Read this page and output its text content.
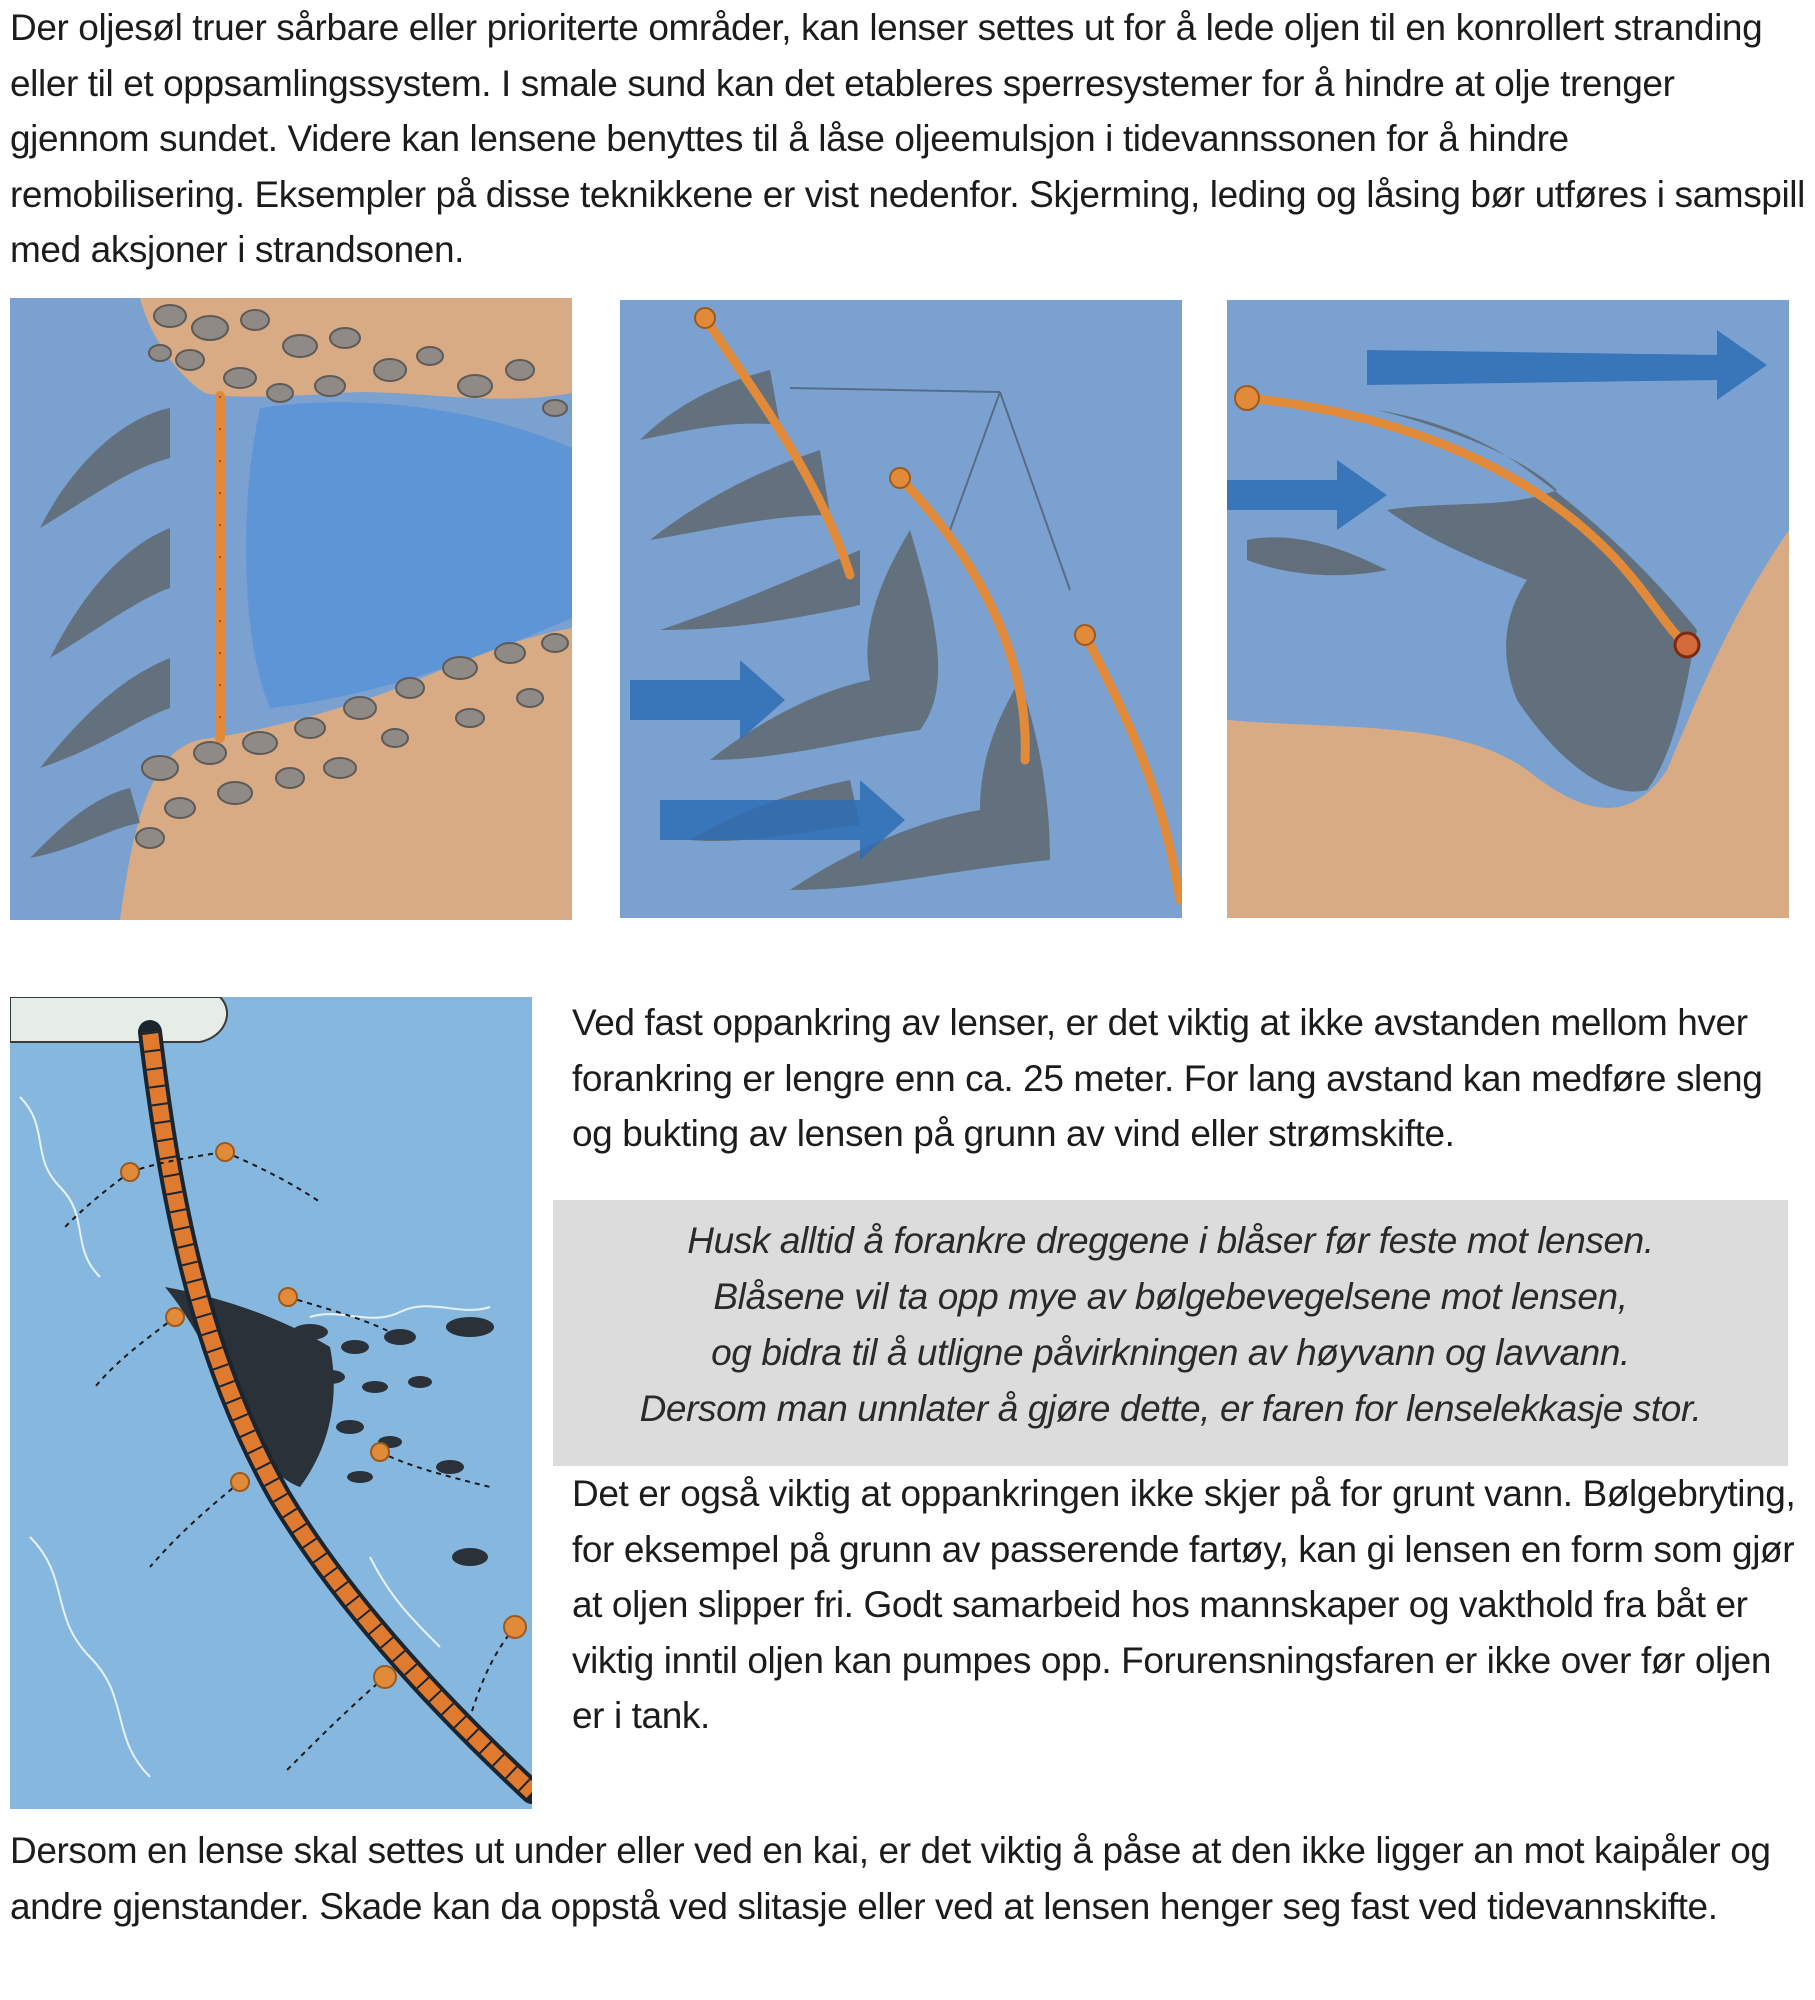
Der oljesøl truer sårbare eller prioriterte områder, kan lenser settes ut for å lede oljen til en konrollert stranding eller til et oppsamlingssystem. I smale sund kan det etableres sperresystemer for å hindre at olje trenger gjennom sundet. Videre kan lensene benyttes til å låse oljeemulsjon i tidevannssonen for å hindre remobilisering. Eksempler på disse teknikkene er vist nedenfor. Skjerming, leding og låsing bør utføres i samspill med aksjoner i strandsonen.

Ved fast oppankring av lenser, er det viktig at ikke avstanden mellom hver forankring er lengre enn ca. 25 meter. For lang avstand kan medføre sleng og bukting av lensen på grunn av vind eller strømskifte.

Husk alltid å forankre dreggene i blåser før feste mot lensen.

Blåsene vil ta opp mye av bølgebevegelsene mot lensen,

og bidra til å utligne påvirkningen av høyvann og lavvann.

Dersom man unnlater å gjøre dette, er faren for lenselekkasje stor.

Det er også viktig at oppankringen ikke skjer på for grunt vann. Bølgebryting, for eksempel på grunn av passerende fartøy, kan gi lensen en form som gjør at oljen slipper fri. Godt samarbeid hos mannskaper og vakthold fra båt er viktig inntil oljen kan pumpes opp. Forurensningsfaren er ikke over før oljen er i tank.

Dersom en lense skal settes ut under eller ved en kai, er det viktig å påse at den ikke ligger an mot kaipåler og andre gjenstander. Skade kan da oppstå ved slitasje eller ved at lensen henger seg fast ved tidevannskifte.
